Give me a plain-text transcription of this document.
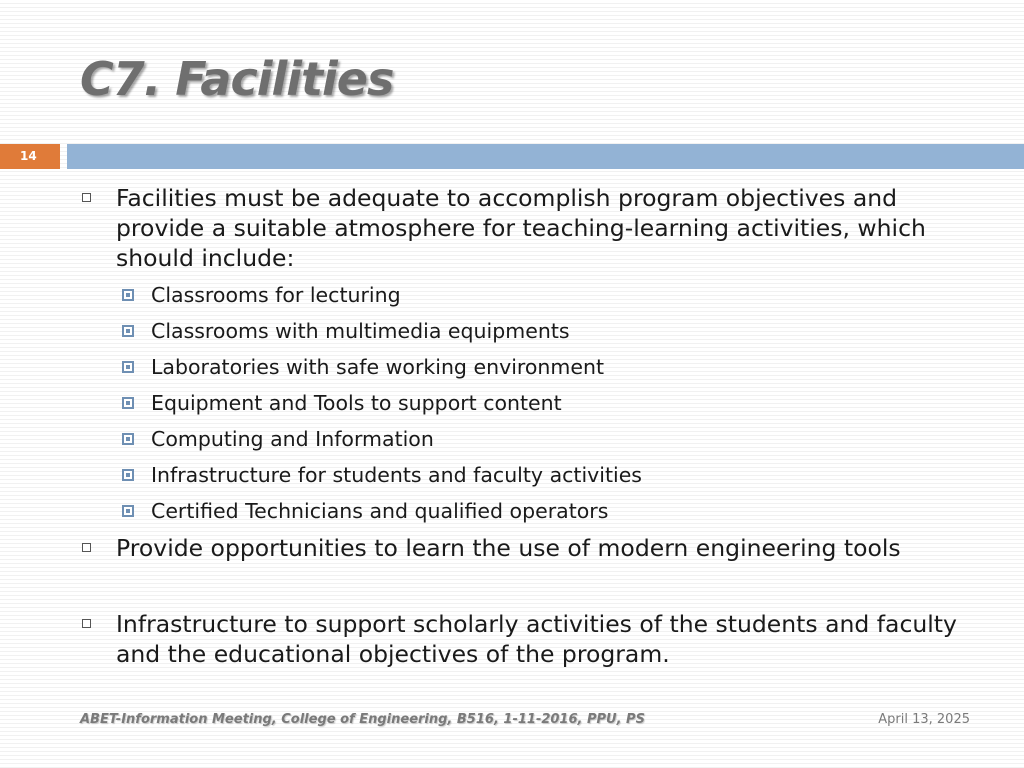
C7. Facilities
14
Facilities must be adequate to accomplish program objectives and provide a suitable atmosphere for teaching-learning activities, which should include:
Classrooms for lecturing
Classrooms with multimedia equipments
Laboratories with safe working environment
Equipment and Tools to support content
Computing and Information
Infrastructure for students and faculty activities
Certified Technicians and qualified operators
Provide opportunities to learn the use of modern engineering tools
Infrastructure to support scholarly activities of the students and faculty and the educational objectives of the program.
ABET-Information Meeting, College of Engineering, B516, 1-11-2016, PPU, PS	April 13, 2025
